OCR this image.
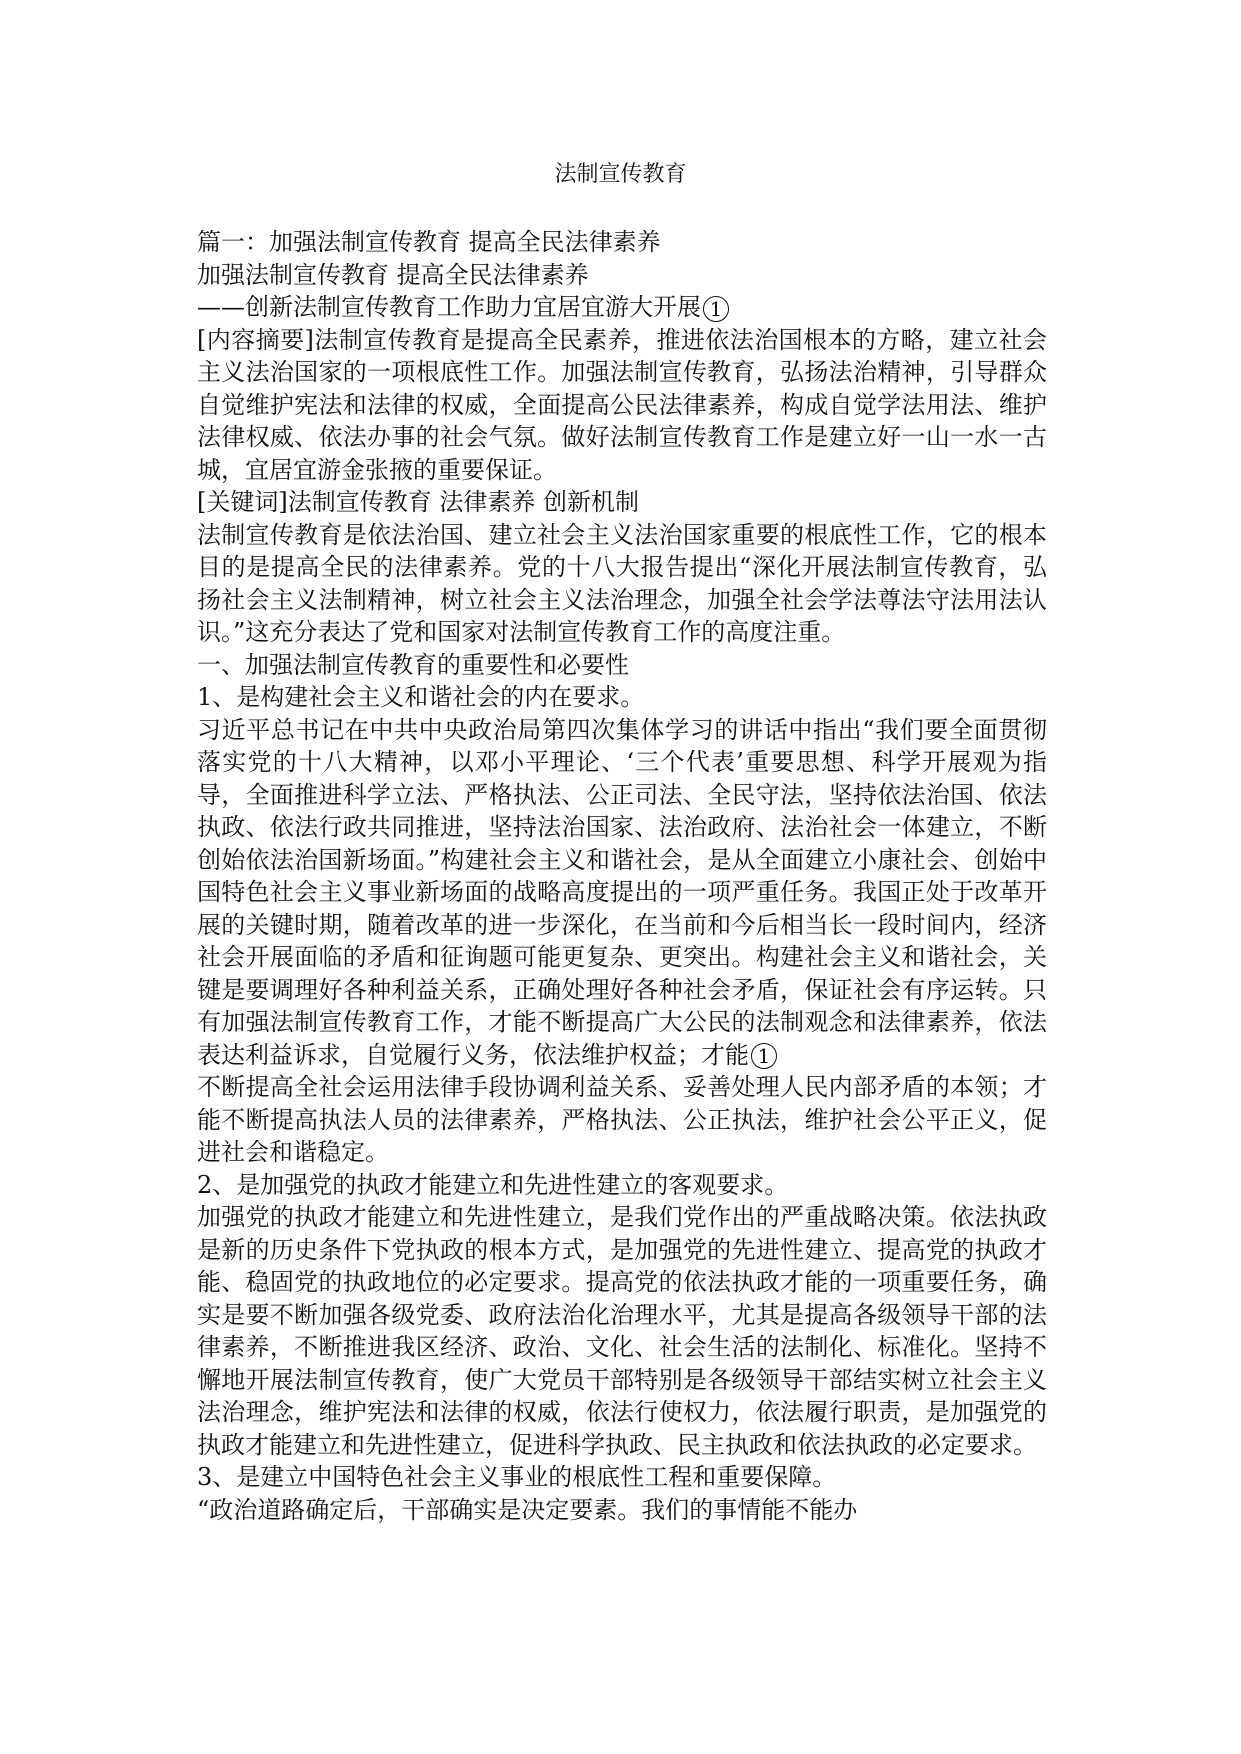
法制宣传教育

篇一：加强法制宣传教育 提高全民法律素养

加强法制宣传教育 提高全民法律素养

——创新法制宣传教育工作助力宜居宜游大开展 1

[内容摘要]法制宣传教育是提高全民素养，推进依法治国根本的方略，建立社会主义法治国家的一项根底性工作。加强法制宣传教育，弘扬法治精神，引导群众自觉维护宪法和法律的权威，全面提高公民法律素养，构成自觉学法用法、维护法律权威、依法办事的社会气氛。做好法制宣传教育工作是建立好一山一水一古城，宜居宜游金张掖的重要保证。

[关键词]法制宣传教育 法律素养 创新机制

法制宣传教育是依法治国、建立社会主义法治国家重要的根底性工作，它的根本目的是提高全民的法律素养。党的十八大报告提出“深化开展法制宣传教育，弘扬社会主义法制精神，树立社会主义法治理念，加强全社会学法尊法守法用法认识。”这充分表达了党和国家对法制宣传教育工作的高度注重。

一、加强法制宣传教育的重要性和必要性

1、是构建社会主义和谐社会的内在要求。

习近平总书记在中共中央政治局第四次集体学习的讲话中指出“我们要全面贯彻落实党的十八大精神，以邓小平理论、‘三个代表’重要思想、科学开展观为指导，全面推进科学立法、严格执法、公正司法、全民守法，坚持依法治国、依法执政、依法行政共同推进，坚持法治国家、法治政府、法治社会一体建立，不断创始依法治国新场面。”构建社会主义和谐社会，是从全面建立小康社会、创始中国特色社会主义事业新场面的战略高度提出的一项严重任务。我国正处于改革开展的关键时期，随着改革的进一步深化，在当前和今后相当长一段时间内，经济社会开展面临的矛盾和征询题可能更复杂、更突出。构建社会主义和谐社会，关键是要调理好各种利益关系，正确处理好各种社会矛盾，保证社会有序运转。只有加强法制宣传教育工作，才能不断提高广大公民的法制观念和法律素养，依法表达利益诉求，自觉履行义务，依法维护权益；才能 1

不断提高全社会运用法律手段协调利益关系、妥善处理人民内部矛盾的本领；才能不断提高执法人员的法律素养，严格执法、公正执法，维护社会公平正义，促进社会和谐稳定。

2、是加强党的执政才能建立和先进性建立的客观要求。

加强党的执政才能建立和先进性建立，是我们党作出的严重战略决策。依法执政是新的历史条件下党执政的根本方式，是加强党的先进性建立、提高党的执政才能、稳固党的执政地位的必定要求。提高党的依法执政才能的一项重要任务，确实是要不断加强各级党委、政府法治化治理水平，尤其是提高各级领导干部的法律素养，不断推进我区经济、政治、文化、社会生活的法制化、标准化。坚持不懈地开展法制宣传教育，使广大党员干部特别是各级领导干部结实树立社会主义法治理念，维护宪法和法律的权威，依法行使权力，依法履行职责，是加强党的执政才能建立和先进性建立，促进科学执政、民主执政和依法执政的必定要求。

3、是建立中国特色社会主义事业的根底性工程和重要保障。

“政治道路确定后，干部确实是决定要素。我们的事情能不能办
